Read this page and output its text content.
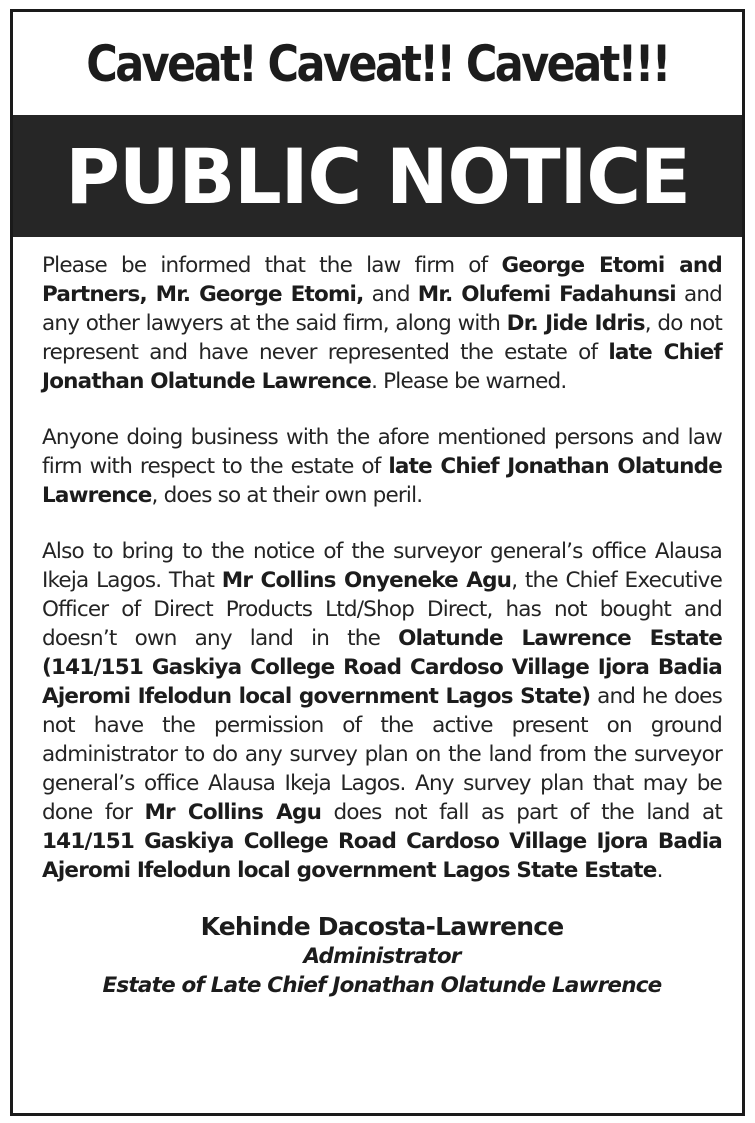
Caveat! Caveat!! Caveat!!!
PUBLIC NOTICE

Please be informed that the law firm of George Etomi and Partners, Mr. George Etomi, and Mr. Olufemi Fadahunsi and any other lawyers at the said firm, along with Dr. Jide Idris, do not represent and have never represented the estate of late Chief Jonathan Olatunde Lawrence. Please be warned.

Anyone doing business with the afore mentioned persons and law firm with respect to the estate of late Chief Jonathan Olatunde Lawrence, does so at their own peril.

Also to bring to the notice of the surveyor general’s office Alausa Ikeja Lagos. That Mr Collins Onyeneke Agu, the Chief Executive Officer of Direct Products Ltd/Shop Direct, has not bought and doesn’t own any land in the Olatunde Lawrence Estate (141/151 Gaskiya College Road Cardoso Village Ijora Badia Ajeromi Ifelodun local government Lagos State) and he does not have the permission of the active present on ground administrator to do any survey plan on the land from the surveyor general’s office Alausa Ikeja Lagos. Any survey plan that may be done for Mr Collins Agu does not fall as part of the land at 141/151 Gaskiya College Road Cardoso Village Ijora Badia Ajeromi Ifelodun local government Lagos State Estate.

Kehinde Dacosta-Lawrence
Administrator
Estate of Late Chief Jonathan Olatunde Lawrence
